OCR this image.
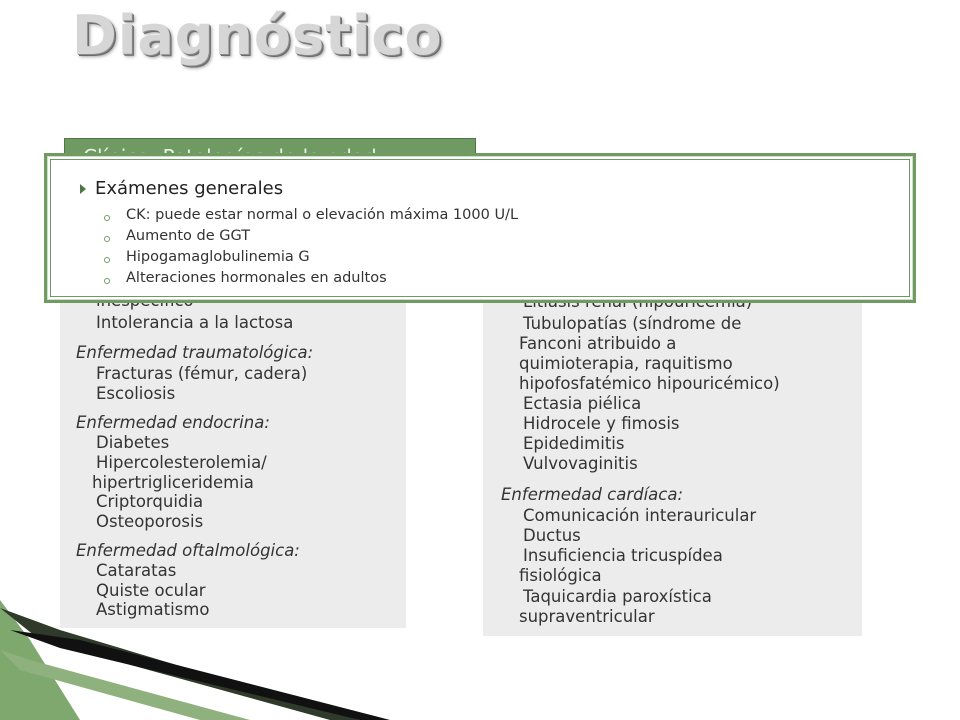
Diagnóstico
Intolerancia a la lactosa
Enfermedad traumatológica:
Fracturas (fémur, cadera)
Escoliosis
Enfermedad endocrina:
Diabetes
Hipercolesterolemia/
hipertrigliceridemia
Criptorquidia
Osteoporosis
Enfermedad oftalmológica:
Cataratas
Quiste ocular
Astigmatismo
Tubulopatías (síndrome de
Fanconi atribuido a
quimioterapia, raquitismo
hipofosfatémico hipouricémico)
Ectasia piélica
Hidrocele y fimosis
Epidedimitis
Vulvovaginitis
Enfermedad cardíaca:
Comunicación interauricular
Ductus
Insuficiencia tricuspídea
fisiológica
Taquicardia paroxística
supraventricular
Exámenes generales
CK: puede estar normal o elevación máxima 1000 U/L
Aumento de GGT
Hipogamaglobulinemia G
Alteraciones hormonales en adultos
